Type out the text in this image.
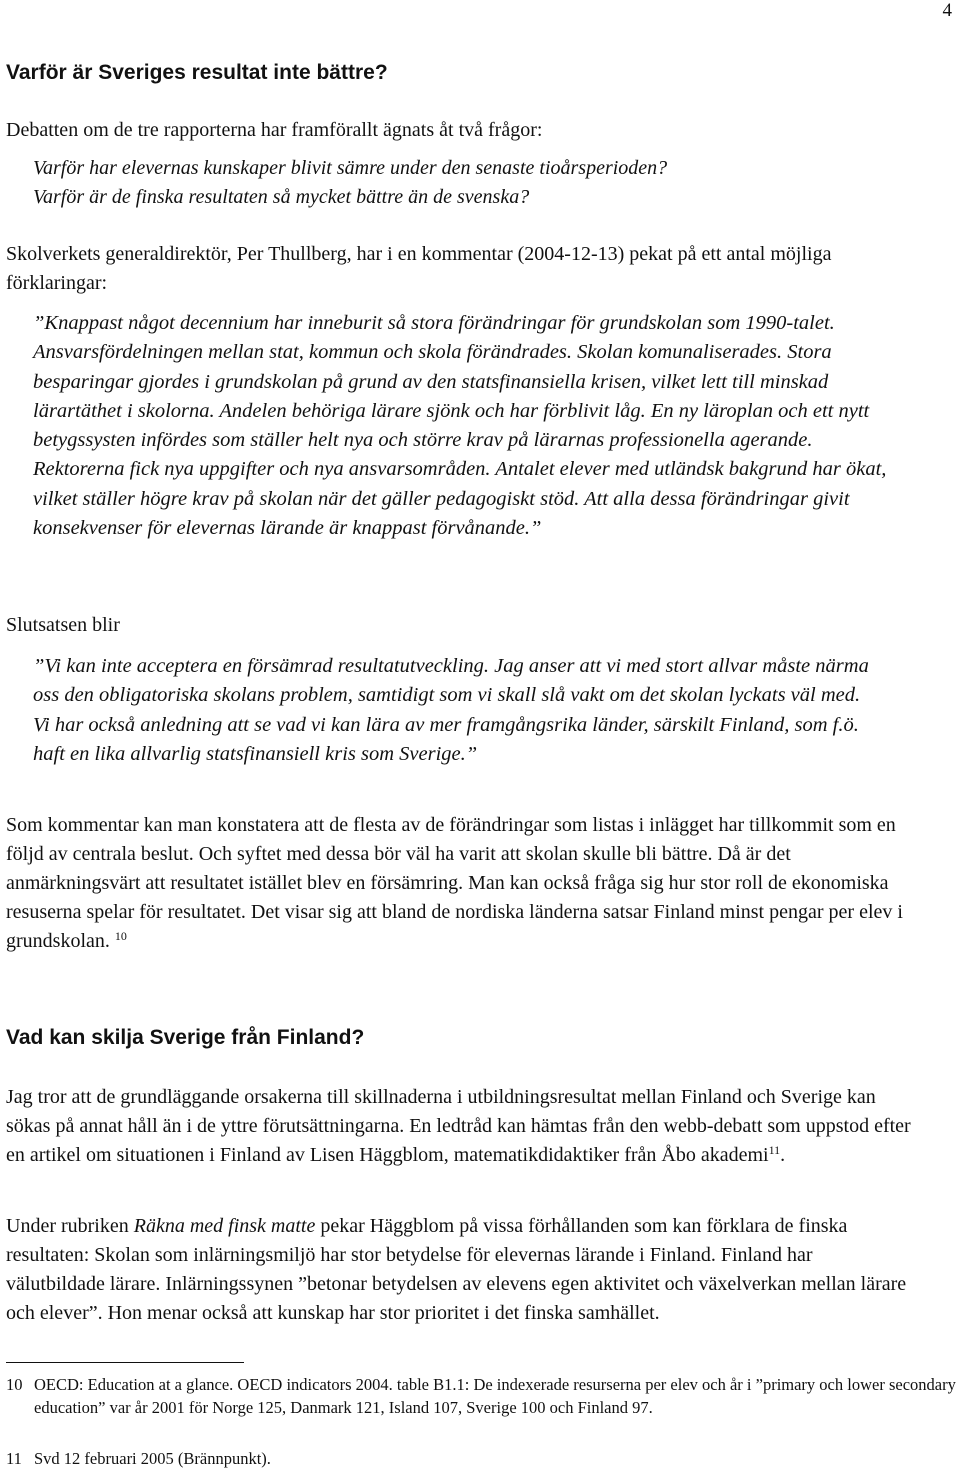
4
Varför är Sveriges resultat inte bättre?

Debatten om de tre rapporterna har framförallt ägnats åt två frågor:

Varför har elevernas kunskaper blivit sämre under den senaste tioårsperioden?
Varför är de finska resultaten så mycket bättre än de svenska?

Skolverkets generaldirektör, Per Thullberg, har i en kommentar (2004-12-13) pekat på ett antal möjliga förklaringar:

”Knappast något decennium har inneburit så stora förändringar för grundskolan som 1990-talet. Ansvarsfördelningen mellan stat, kommun och skola förändrades. Skolan komunaliserades. Stora besparingar gjordes i grundskolan på grund av den statsfinansiella krisen, vilket lett till minskad lärartäthet i skolorna. Andelen behöriga lärare sjönk och har förblivit låg. En ny läroplan och ett nytt betygssysten infördes som ställer helt nya och större krav på lärarnas professionella agerande. Rektorerna fick nya uppgifter och nya ansvarsområden. Antalet elever med utländsk bakgrund har ökat, vilket ställer högre krav på skolan när det gäller pedagogiskt stöd. Att alla dessa förändringar givit konsekvenser för elevernas lärande är knappast förvånande.”

Slutsatsen blir

”Vi kan inte acceptera en försämrad resultatutveckling. Jag anser att vi med stort allvar måste närma oss den obligatoriska skolans problem, samtidigt som vi skall slå vakt om det skolan lyckats väl med. Vi har också anledning att se vad vi kan lära av mer framgångsrika länder, särskilt Finland, som f.ö. haft en lika allvarlig statsfinansiell kris som Sverige.”

Som kommentar kan man konstatera att de flesta av de förändringar som listas i inlägget har tillkommit som en följd av centrala beslut. Och syftet med dessa bör väl ha varit att skolan skulle bli bättre. Då är det anmärkningsvärt att resultatet istället blev en försämring. Man kan också fråga sig hur stor roll de ekonomiska resuserna spelar för resultatet. Det visar sig att bland de nordiska länderna satsar Finland minst pengar per elev i grundskolan. $^{10}$

Vad kan skilja Sverige från Finland?

Jag tror att de grundläggande orsakerna till skillnaderna i utbildningsresultat mellan Finland och Sverige kan sökas på annat håll än i de yttre förutsättningarna. En ledtråd kan hämtas från den webb-debatt som uppstod efter en artikel om situationen i Finland av Lisen Häggblom, matematikdidaktiker från Åbo akademi$^{11}$.

Under rubriken Räkna med finsk matte pekar Häggblom på vissa förhållanden som kan förklara de finska resultaten: Skolan som inlärningsmiljö har stor betydelse för elevernas lärande i Finland. Finland har välutbildade lärare. Inlärningssynen ”betonar betydelsen av elevens egen aktivitet och växelverkan mellan lärare och elever”. Hon menar också att kunskap har stor prioritet i det finska samhället.

10 OECD: Education at a glance. OECD indicators 2004. table B1.1: De indexerade resurserna per elev och år i ”primary och lower secondary education” var år 2001 för Norge 125, Danmark 121, Island 107, Sverige 100 och Finland 97.
11 Svd 12 februari 2005 (Brännpunkt).
